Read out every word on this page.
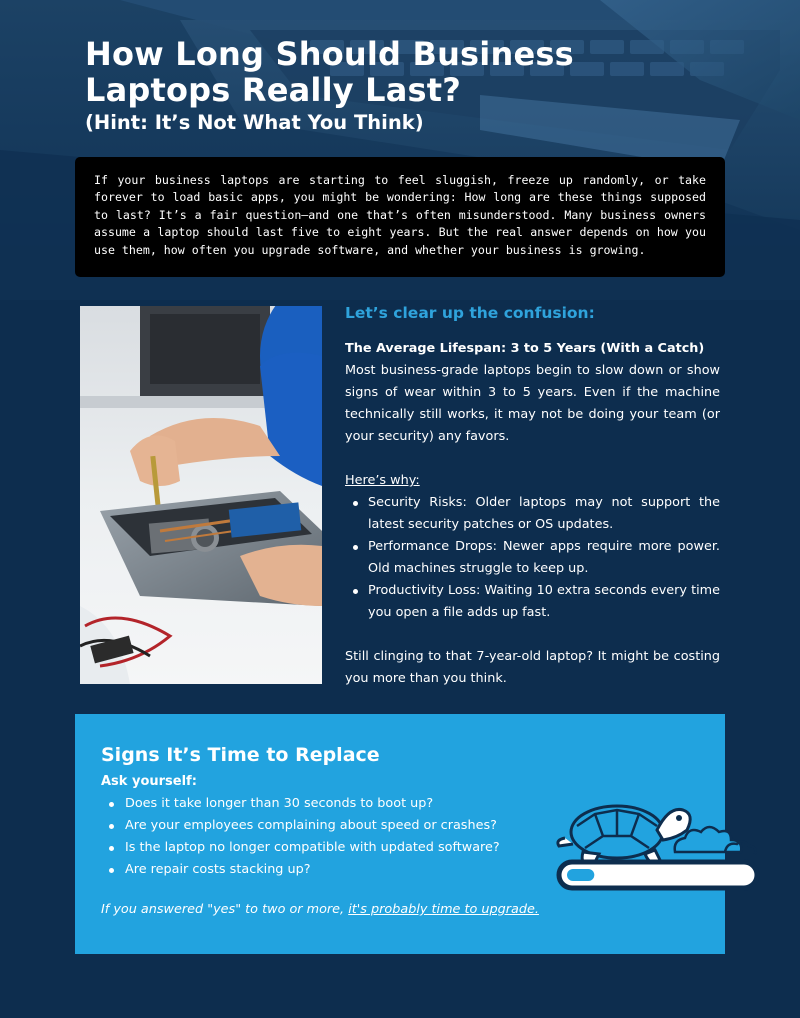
How Long Should Business Laptops Really Last?
(Hint: It’s Not What You Think)

If your business laptops are starting to feel sluggish, freeze up randomly, or take forever to load basic apps, you might be wondering: How long are these things supposed to last? It’s a fair question—and one that’s often misunderstood. Many business owners assume a laptop should last five to eight years. But the real answer depends on how you use them, how often you upgrade software, and whether your business is growing.

Let’s clear up the confusion:

The Average Lifespan: 3 to 5 Years (With a Catch)

Most business-grade laptops begin to slow down or show signs of wear within 3 to 5 years. Even if the machine technically still works, it may not be doing your team (or your security) any favors.

Here’s why:

Security Risks: Older laptops may not support the latest security patches or OS updates.
Performance Drops: Newer apps require more power. Old machines struggle to keep up.
Productivity Loss: Waiting 10 extra seconds every time you open a file adds up fast.

Still clinging to that 7-year-old laptop? It might be costing you more than you think.

Signs It’s Time to Replace

Ask yourself:

Does it take longer than 30 seconds to boot up?
Are your employees complaining about speed or crashes?
Is the laptop no longer compatible with updated software?
Are repair costs stacking up?

If you answered "yes" to two or more, it's probably time to upgrade.
